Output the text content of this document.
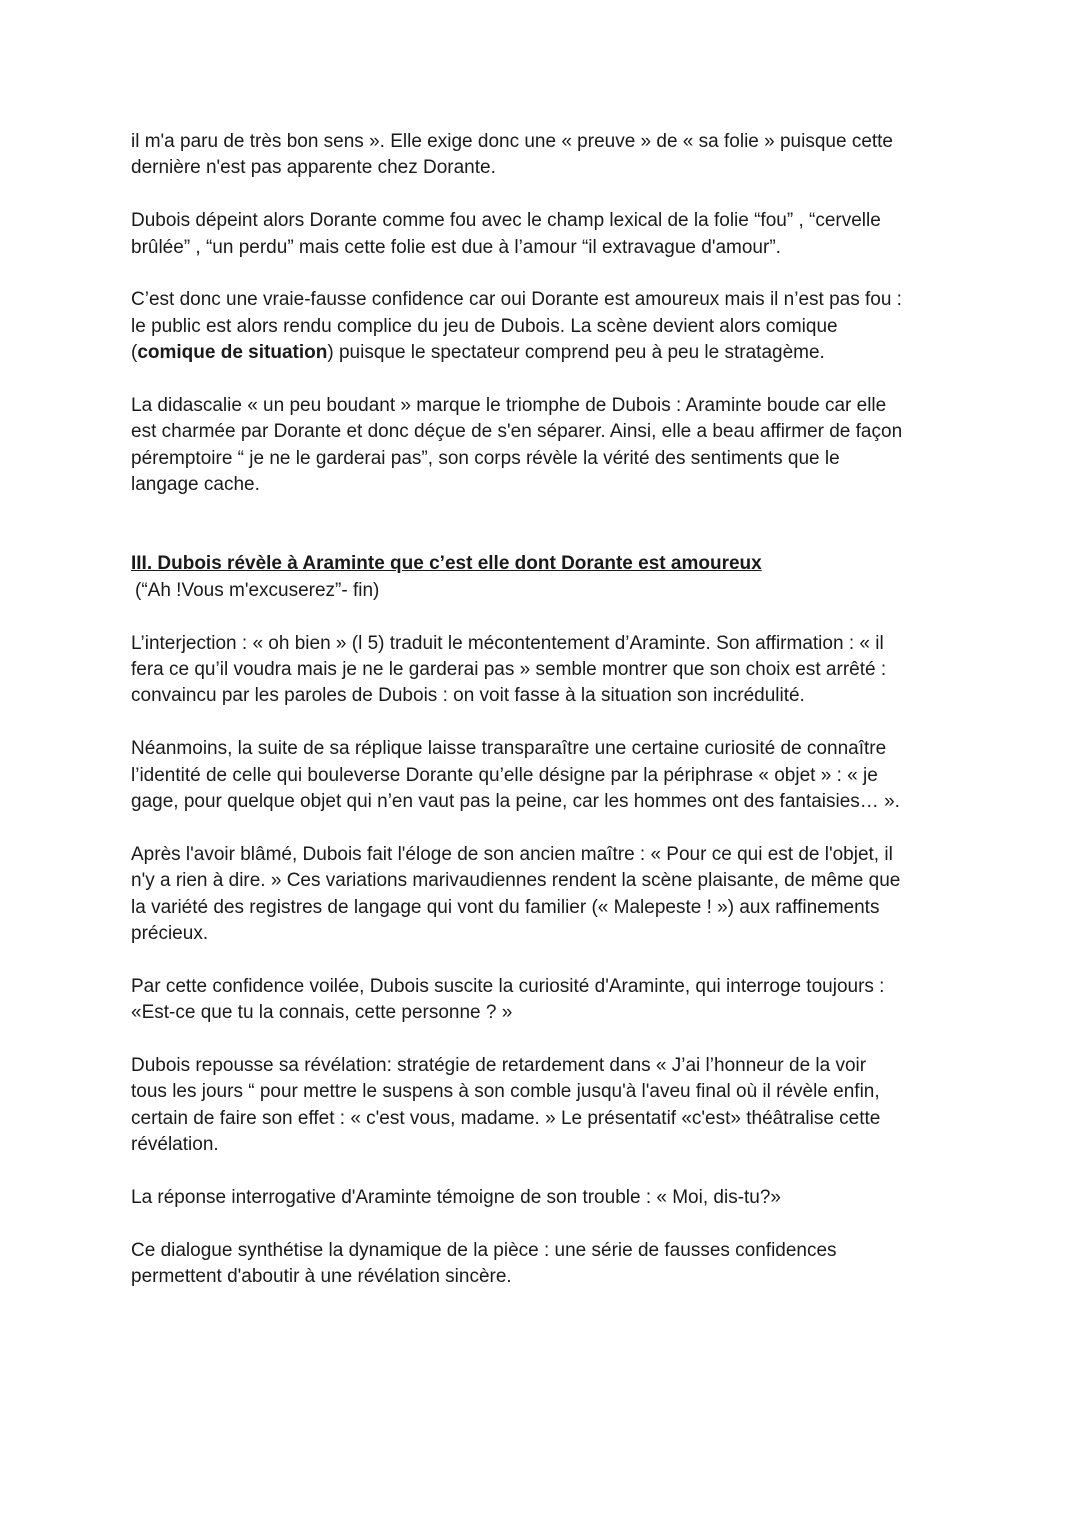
il m'a paru de très bon sens ». Elle exige donc une « preuve » de « sa folie » puisque cette
dernière n'est pas apparente chez Dorante.

Dubois dépeint alors Dorante comme fou avec le champ lexical de la folie “fou” , “cervelle
brûlée” , “un perdu” mais cette folie est due à l’amour “il extravague d'amour”.

C’est donc une vraie-fausse confidence car oui Dorante est amoureux mais il n’est pas fou :
le public est alors rendu complice du jeu de Dubois. La scène devient alors comique
(comique de situation) puisque le spectateur comprend peu à peu le stratagème.

La didascalie « un peu boudant » marque le triomphe de Dubois : Araminte boude car elle
est charmée par Dorante et donc déçue de s'en séparer. Ainsi, elle a beau affirmer de façon
péremptoire “ je ne le garderai pas”, son corps révèle la vérité des sentiments que le
langage cache.

III. Dubois révèle à Araminte que c’est elle dont Dorante est amoureux
(“Ah !Vous m'excuserez”- fin)

L’interjection : « oh bien » (l 5) traduit le mécontentement d’Araminte. Son affirmation : « il
fera ce qu’il voudra mais je ne le garderai pas » semble montrer que son choix est arrêté :
convaincu par les paroles de Dubois : on voit fasse à la situation son incrédulité.

Néanmoins, la suite de sa réplique laisse transparaître une certaine curiosité de connaître
l’identité de celle qui bouleverse Dorante qu’elle désigne par la périphrase « objet » : « je
gage, pour quelque objet qui n’en vaut pas la peine, car les hommes ont des fantaisies… ».

Après l'avoir blâmé, Dubois fait l'éloge de son ancien maître : « Pour ce qui est de l'objet, il
n'y a rien à dire. » Ces variations marivaudiennes rendent la scène plaisante, de même que
la variété des registres de langage qui vont du familier (« Malepeste ! ») aux raffinements
précieux.

Par cette confidence voilée, Dubois suscite la curiosité d'Araminte, qui interroge toujours :
«Est-ce que tu la connais, cette personne ? »

Dubois repousse sa révélation: stratégie de retardement dans « J’ai l’honneur de la voir
tous les jours “ pour mettre le suspens à son comble jusqu'à l'aveu final où il révèle enfin,
certain de faire son effet : « c'est vous, madame. » Le présentatif «c'est» théâtralise cette
révélation.

La réponse interrogative d'Araminte témoigne de son trouble : « Moi, dis-tu?»

Ce dialogue synthétise la dynamique de la pièce : une série de fausses confidences
permettent d'aboutir à une révélation sincère.
